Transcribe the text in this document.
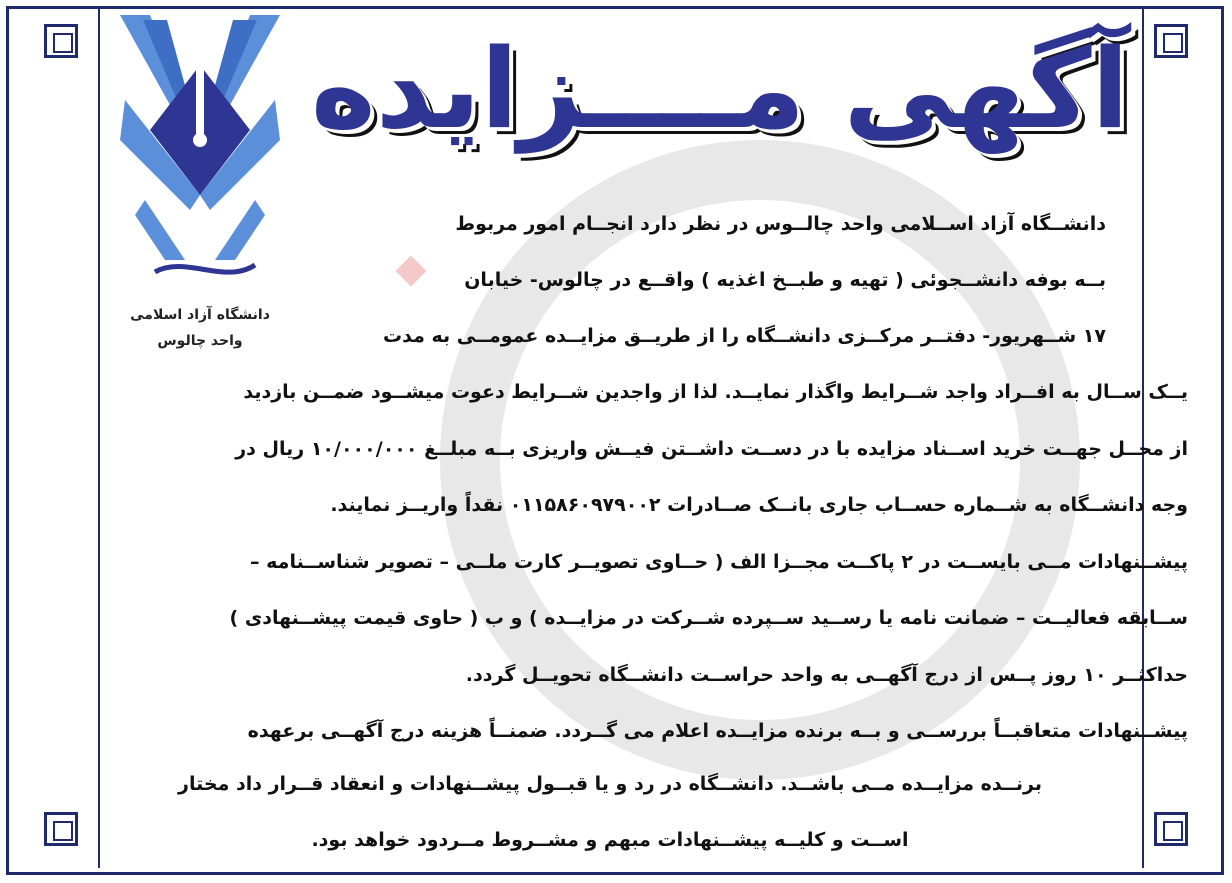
آگهی مــــزایده
دانشگاه آزاد اسلامی
واحد چالوس
دانشــگاه آزاد اســلامی واحد چالــوس در نظر دارد انجــام امور مربوط
بــه بوفه دانشــجوئی ( تهیه و طبــخ اغذیه ) واقــع در چالوس- خیابان
۱۷ شــهریور- دفتــر مرکــزی دانشــگاه را از طریــق مزایــده عمومــی به مدت
یــک ســال به افــراد واجد شــرایط واگذار نمایــد. لذا از واجدین شــرایط دعوت میشــود ضمــن بازدید
از محــل جهــت خرید اســناد مزایده با در دســت داشــتن فیــش واریزی بــه مبلــغ ۱۰/۰۰۰/۰۰۰ ریال در
وجه دانشــگاه به شــماره حســاب جاری بانــک صــادرات ۰۱۱۵۸۶۰۹۷۹۰۰۲ نقداً واریــز نمایند.
پیشــنهادات مــی بایســت در ۲ پاکــت مجــزا الف ( حــاوی تصویــر کارت ملــی – تصویر شناســنامه –
ســابقه فعالیــت – ضمانت نامه یا رســید ســپرده شــرکت در مزایــده ) و ب ( حاوی قیمت پیشــنهادی )
حداکثــر ۱۰ روز پــس از درج آگهــی به واحد حراســت دانشــگاه تحویــل گردد.
پیشــنهادات متعاقبــاً بررســی و بــه برنده مزایــده اعلام می گــردد. ضمنــاً هزینه درج آگهــی برعهده
برنــده مزایــده مــی باشــد. دانشــگاه در رد و یا قبــول پیشــنهادات و انعقاد قــرار داد مختار
اســت و کلیــه پیشــنهادات مبهم و مشــروط مــردود خواهد بود.
